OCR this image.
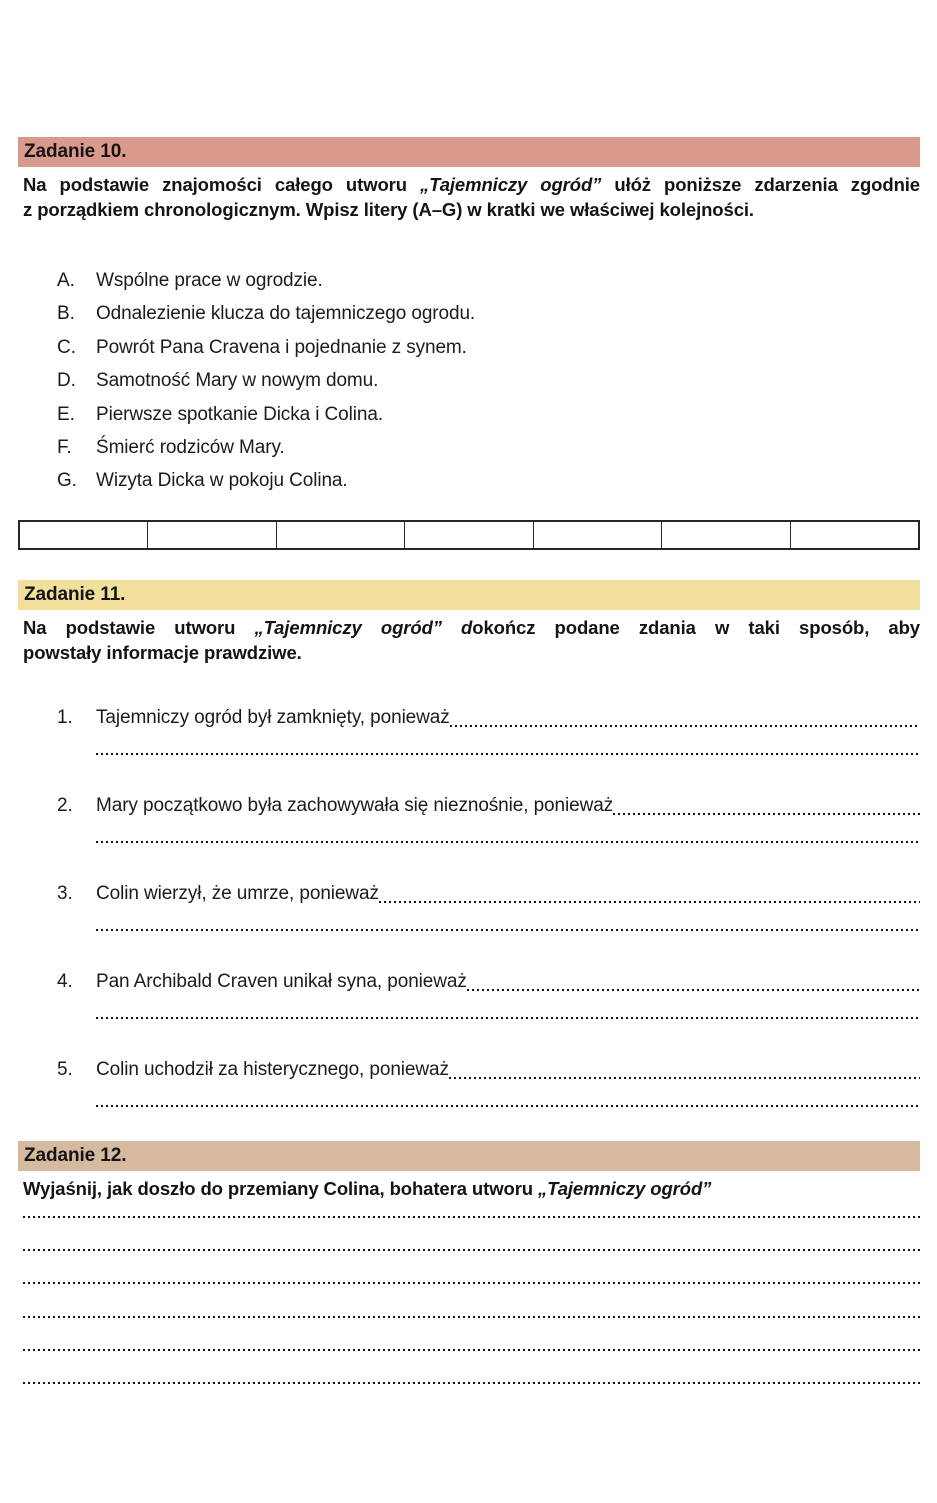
Zadanie 10.

Na podstawie znajomości całego utworu „Tajemniczy ogród” ułóż poniższe zdarzenia zgodnie
z porządkiem chronologicznym. Wpisz litery (A–G) w kratki we właściwej kolejności.

A.	Wspólne prace w ogrodzie.
B.	Odnalezienie klucza do tajemniczego ogrodu.
C.	Powrót Pana Cravena i pojednanie z synem.
D.	Samotność Mary w nowym domu.
E.	Pierwsze spotkanie Dicka i Colina.
F.	Śmierć rodziców Mary.
G.	Wizyta Dicka w pokoju Colina.
Zadanie 11.

Na podstawie utworu „Tajemniczy ogród” dokończ podane zdania w taki sposób, aby
powstały informacje prawdziwe.

1.	Tajemniczy ogród był zamknięty, ponieważ
2.	Mary początkowo była zachowywała się nieznośnie, ponieważ
3.	Colin wierzył, że umrze, ponieważ
4.	Pan Archibald Craven unikał syna, ponieważ
5.	Colin uchodził za histerycznego, ponieważ
Zadanie 12.

Wyjaśnij, jak doszło do przemiany Colina, bohatera utworu „Tajemniczy ogród”
